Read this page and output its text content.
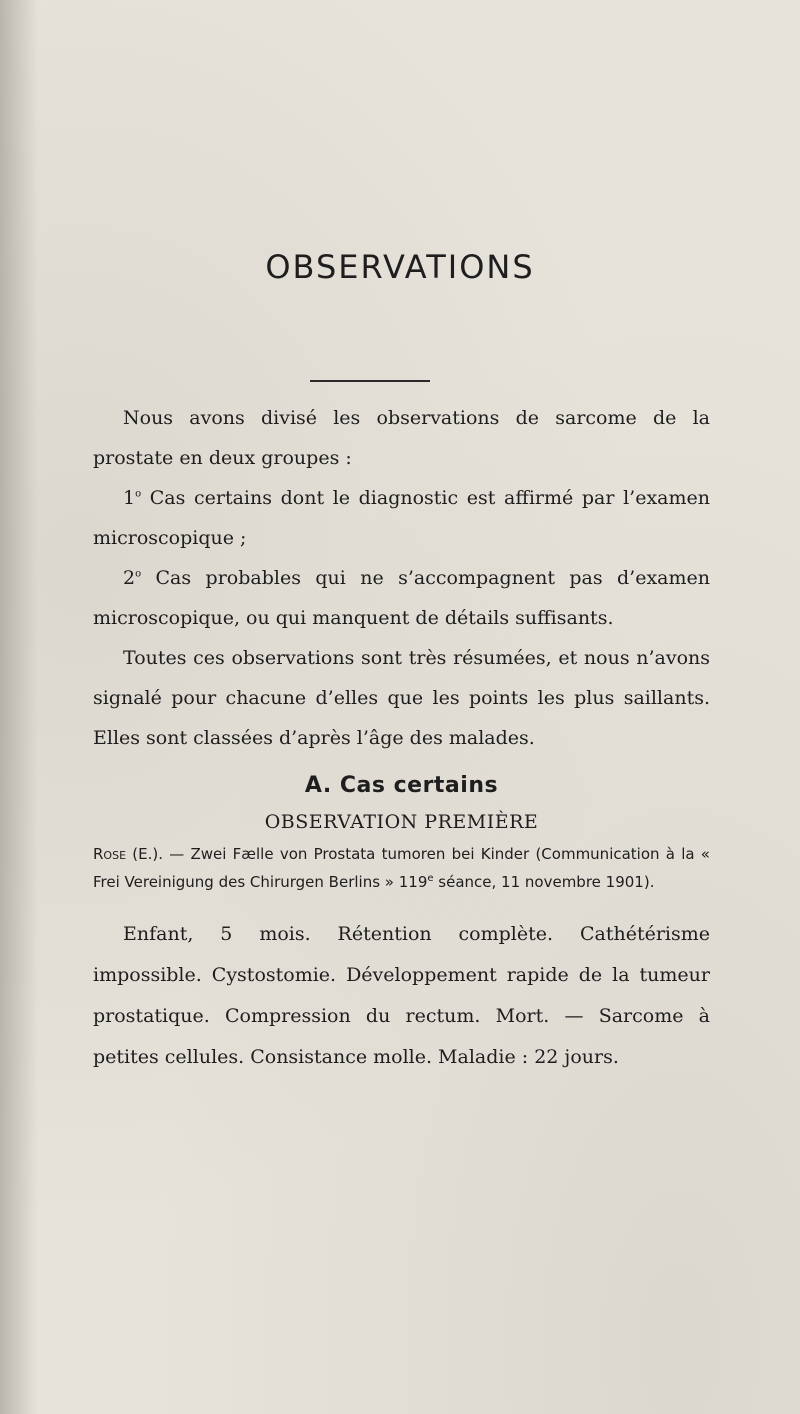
OBSERVATIONS

Nous avons divisé les observations de sarcome de la prostate en deux groupes :

1$^o$ Cas certains dont le diagnostic est affirmé par l’examen microscopique ;

2$^o$ Cas probables qui ne s’accompagnent pas d’examen microscopique, ou qui manquent de détails suffisants.

Toutes ces observations sont très résumées, et nous n’avons signalé pour chacune d’elles que les points les plus saillants. Elles sont classées d’après l’âge des malades.

A. Cas certains

OBSERVATION PREMIÈRE

Rose (E.). — Zwei Fælle von Prostata tumoren bei Kinder (Communication à la « Frei Vereinigung des Chirurgen Berlins » 119e séance, 11 novembre 1901).

Enfant, 5 mois. Rétention complète. Cathétérisme impossible. Cystostomie. Développement rapide de la tumeur prostatique. Compression du rectum. Mort. — Sarcome à petites cellules. Consistance molle. Maladie : 22 jours.
